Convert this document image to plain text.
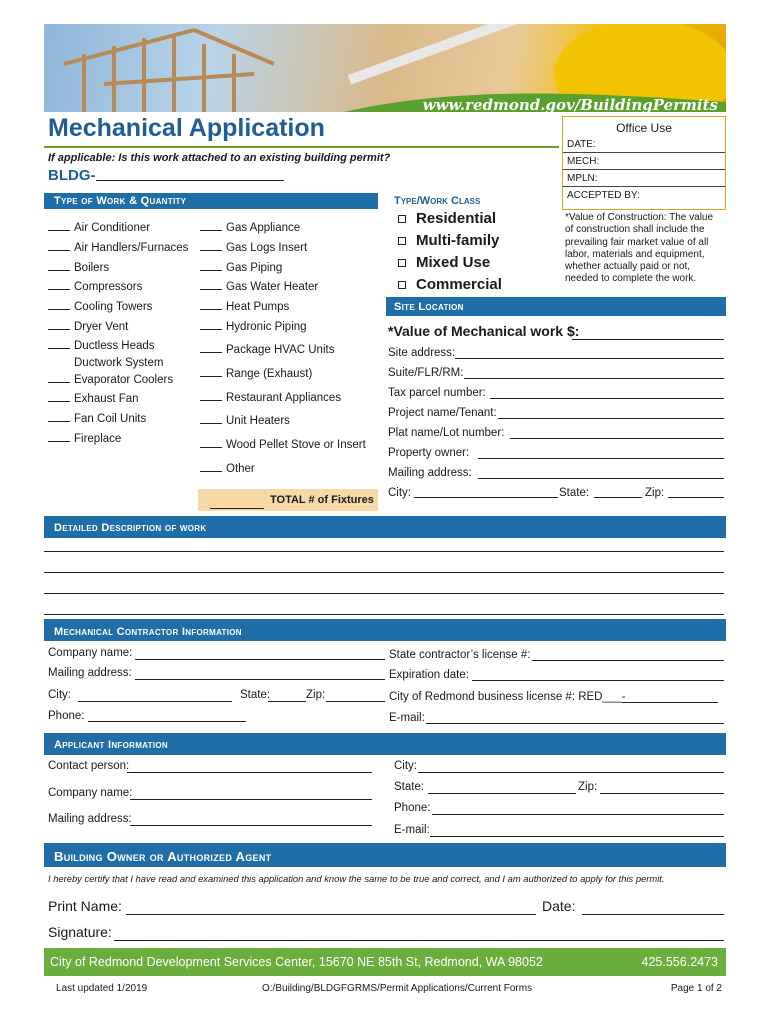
www.redmond.gov/BuildingPermits
Mechanical Application
If applicable: Is this work attached to an existing building permit?
BLDG-
Office Use
DATE:
MECH:
MPLN:
ACCEPTED BY:
Type of Work & Quantity
Air Conditioner
Air Handlers/Furnaces
Boilers
Compressors
Cooling Towers
Dryer Vent
Ductless Heads
Ductwork System
Evaporator Coolers
Exhaust Fan
Fan Coil Units
Fireplace
Gas Appliance
Gas Logs Insert
Gas Piping
Gas Water Heater
Heat Pumps
Hydronic Piping
Package HVAC Units
Range (Exhaust)
Restaurant Appliances
Unit Heaters
Wood Pellet Stove or Insert
Other
TOTAL # of Fixtures
Type/Work Class
Residential
Multi-family
Mixed Use
Commercial
*Value of Construction: The value
of construction shall include the
prevailing fair market value of all
labor, materials and equipment,
whether actually paid or not,
needed to complete the work.
Site Location
*Value of Mechanical work $:
Site address:
Suite/FLR/RM:
Tax parcel number:
Project name/Tenant:
Plat name/Lot number:
Property owner:
Mailing address:
City:	State:	Zip:
Detailed Description of work
Mechanical Contractor Information
Company name:
Mailing address:
City:	State:	Zip:
Phone:
State contractor’s license #:
Expiration date:
City of Redmond business license #: RED___-
E-mail:
Applicant Information
Contact person:
Company name:
Mailing address:
City:
State:	Zip:
Phone:
E-mail:
Building Owner or Authorized Agent
I hereby certify that I have read and examined this application and know the same to be true and correct, and I am authorized to apply for this permit.
Print Name:	Date:
Signature:
City of Redmond Development Services Center, 15670 NE 85th St, Redmond, WA 98052	425.556.2473
Last updated 1/2019	O:/Building/BLDGFGRMS/Permit Applications/Current Forms	Page 1 of 2
